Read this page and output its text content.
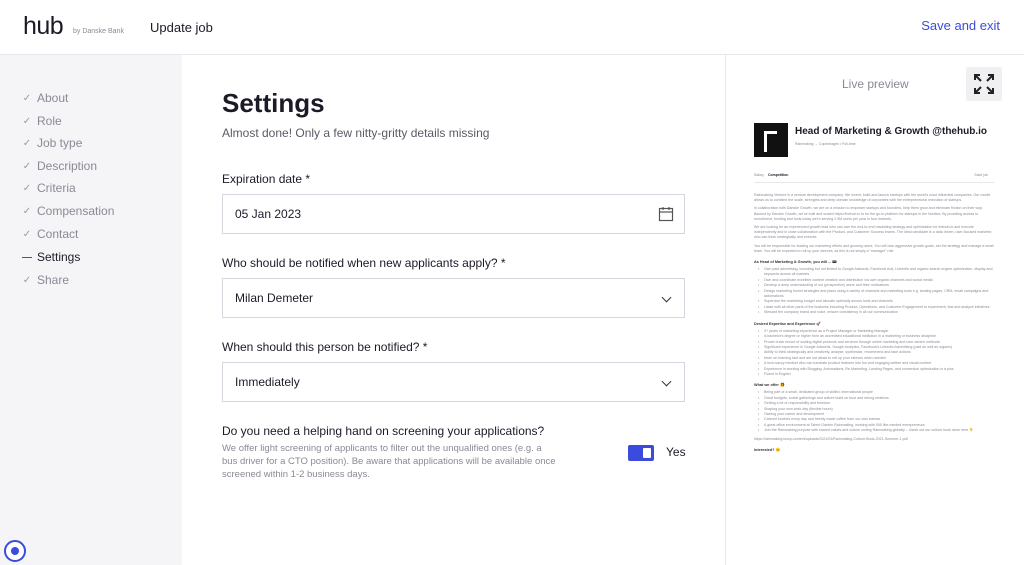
hub by Danske Bank Update job	Save and exit
✓ About
✓ Role
✓ Job type
✓ Description
✓ Criteria
✓ Compensation
✓ Contact
— Settings
✓ Share
Settings
Almost done! Only a few nitty-gritty details missing
Expiration date *
05 Jan 2023
Who should be notified when new applicants apply? *
Milan Demeter
When should this person be notified? *
Immediately
Do you need a helping hand on screening your applications?
We offer light screening of applicants to filter out the unqualified ones (e.g. a bus driver for a CTO position). Be aware that applications will be available once screened within 1-2 business days.
Yes
Live preview
Head of Marketing & Growth @thehub.io
Rainmaking → Copenhagen • Full-time
Salary Competition	Save job

Rainmaking Venture is a venture development company. We invent, build and launch startups with the world's most influential companies. Our model allows us to combine the scale, strengths and deep domain knowledge of corporates with the entrepreneurial execution of startups.

In collaboration with Danske Growth, we are on a mission to empower startups and founders, help them grow and eliminate friction on their way. Backed by Danske Growth, we've built and scaled https://thehub.io to be the go-to platform for startups in the Nordics. By providing access to recruitment, funding and tools today we're serving 2.5M users per year in four markets.

We are looking for an experienced growth lead who can own the end-to-end marketing strategy and optimization for thehub.io and execute independently and in close collaboration with the Product- and Customer Success teams. The ideal candidate is a data driven, user-focused marketer, who can think strategically and execute.

You will be responsible for leading our marketing efforts and growing users. You will own aggressive growth goals, set the strategy and manage a small team. You will be expected to roll up your sleeves, as this is not simply a "manager" role.

As Head of Marketing & Growth, you will ... 📟
• Own paid advertising, including but not limited to Google Adwords, Facebook Ads, LinkedIn and organic search engine optimization, display and keywords across all markets
• Own and coordinate excellent content creation and distribution via own organic channels and social media
• Develop a deep understanding of our (prospective) users and their motivations
• Design marketing funnel strategies and plans using a variety of channels and marketing tools e.g. landing pages, CRM, email campaigns and automations
• Supervise the marketing budget and allocate optimally across tools and channels
• Liaise with all other parts of the business including Product, Operations, and Customer Engagement to experiment, test and analyze initiatives
• Steward the company brand and voice, ensure consistency in all our communication
Desired Expertise and Experience 🚀
• 3+ years of marketing experience as a Project Manager or Marketing Manager
• A bachelor's degree or higher from an accredited educational institution in a marketing or business discipline
• Proven track record of scaling digital products and services through online marketing and user-centric methods
• Significant experience in Google Adwords, Google Analytics, Facebook's Linkedin Advertising (paid as well as organic)
• Ability to think strategically and creatively, analyse, synthesise, recommend and take actions
• Keen on learning fast and are not afraid to roll up your sleeves when needed
• A tech-savvy mindset who can translate product features into fun and engaging written and visual content
• Experience in working with Blogging, Automations, Re-Marketing, Landing Pages, and conversion optimization is a plus
• Fluent in English
What we offer 🎁
• Being part of a small, dedicated group of skilled, international people
• Great budgets, social gatherings and culture build on trust and strong relations
• Getting a lot of responsibility and freedom
• Shaping your own work day (flexible hours)
• Owning your career and development
• Catered lunches every day and freshly made coffee from our own barista
• A great office environment at Talent Garden Rainmaking, working with 500 like-minded entrepreneurs
• Join the Rainmaking purpose with shared values and culture uniting Rainmaking globally – check out our culture book done here 👇

https://rainmaking.io/wp-content/uploads/2021/01/Rainmaking-Culture-Book-2021-Summer-1.pdf

Interested? 😊
